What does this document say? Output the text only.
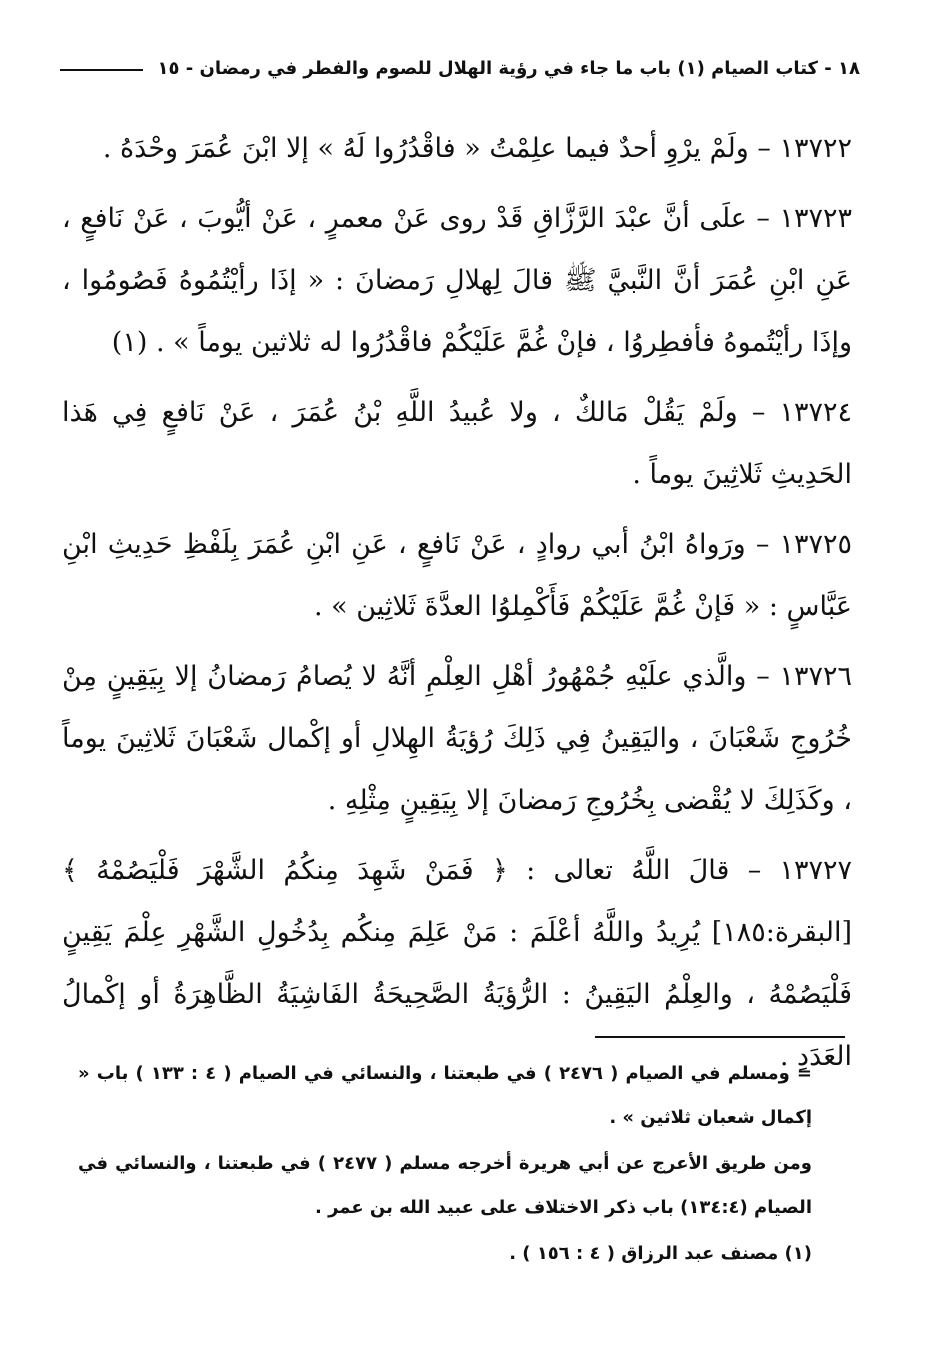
١٨ - كتاب الصيام (١) باب ما جاء في رؤية الهلال للصوم والفطر في رمضان - ١٥

١٣٧٢٢ – ولَمْ يرْوِ أحدٌ فيما علِمْتُ « فاقْدُرُوا لَهُ » إلا ابْنَ عُمَرَ وحْدَهُ .

١٣٧٢٣ – علَى أنَّ عبْدَ الرَّزَّاقِ قَدْ روى عَنْ معمرٍ ، عَنْ أيُّوبَ ، عَنْ نَافعٍ ، عَنِ ابْنِ عُمَرَ أنَّ النَّبيَّ ﷺ قالَ لِهلالِ رَمضانَ : « إذَا رأيْتُمُوهُ فَصُومُوا ، وإذَا رأيْتُموهُ فأفطِروُا ، فإنْ غُمَّ عَلَيْكُمْ فاقْدُرُوا له ثلاثين يوماً » . (١)

١٣٧٢٤ – ولَمْ يَقُلْ مَالكٌ ، ولا عُبيدُ اللَّهِ بْنُ عُمَرَ ، عَنْ نَافعٍ فِي هَذا الحَدِيثِ ثَلاثِينَ يوماً .

١٣٧٢٥ – ورَواهُ ابْنُ أبي روادٍ ، عَنْ نَافعٍ ، عَنِ ابْنِ عُمَرَ بِلَفْظِ حَدِيثِ ابْنِ عَبَّاسٍ : « فَإنْ غُمَّ عَلَيْكُمْ فَأَكْمِلوُا العدَّةَ ثَلاثِين » .

١٣٧٢٦ – والَّذي علَيْهِ جُمْهُورُ أهْلِ العِلْمِ أنَّهُ لا يُصامُ رَمضانُ إلا بِيَقِينٍ مِنْ خُرُوجِ شَعْبَانَ ، واليَقِينُ فِي ذَلِكَ رُؤيَةُ الهِلالِ أو إكْمال شَعْبَانَ ثَلاثِينَ يوماً ، وكَذَلِكَ لا يُقْضى بِخُرُوجِ رَمضانَ إلا بِيَقِينٍ مِثْلِهِ .

١٣٧٢٧ – قالَ اللَّهُ تعالى : ﴿ فَمَنْ شَهِدَ مِنكُمُ الشَّهْرَ فَلْيَصُمْهُ ﴾ [البقرة:١٨٥] يُرِيدُ واللَّهُ أعْلَمَ : مَنْ عَلِمَ مِنكُم بِدُخُولِ الشَّهْرِ عِلْمَ يَقِينٍ فَلْيَصُمْهُ ، والعِلْمُ اليَقِينُ : الرُّؤيَةُ الصَّحِيحَةُ الفَاشِيَةُ الظَّاهِرَةُ أو إكْمالُ العَدَدِ .

= ومسلم في الصيام ( ٢٤٧٦ ) في طبعتنا ، والنسائي في الصيام ( ٤ : ١٣٣ ) باب « إكمال شعبان ثلاثين » .

ومن طريق الأعرج عن أبي هريرة أخرجه مسلم ( ٢٤٧٧ ) في طبعتنا ، والنسائي في الصيام (١٣٤:٤) باب ذكر الاختلاف على عبيد الله بن عمر .

(١) مصنف عبد الرزاق ( ٤ : ١٥٦ ) .
